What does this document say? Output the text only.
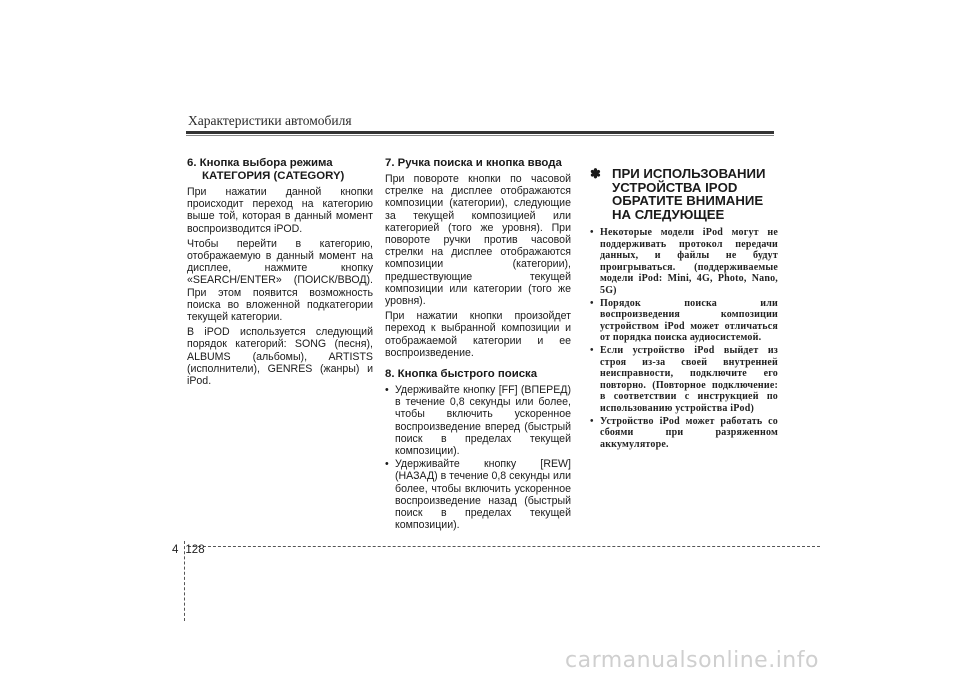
Характеристики автомобиля
6. Кнопка выбора режима КАТЕГОРИЯ (CATEGORY)

При нажатии данной кнопки происходит переход на категорию выше той, которая в данный момент воспроизводится iPOD.

Чтобы перейти в категорию, отображаемую в данный момент на дисплее, нажмите кнопку «SEARCH/ENTER» (ПОИСК/ВВОД). При этом появится возможность поиска во вложенной подкатегории текущей категории.

В iPOD используется следующий порядок категорий: SONG (песня), ALBUMS (альбомы), ARTISTS (исполнители), GENRES (жанры) и iPod.

7. Ручка поиска и кнопка ввода

При повороте кнопки по часовой стрелке на дисплее отображаются композиции (категории), следующие за текущей композицией или категорией (того же уровня). При повороте ручки против часовой стрелки на дисплее отображаются композиции (категории), предшествующие текущей композиции или категории (того же уровня).

При нажатии кнопки произойдет переход к выбранной композиции и отображаемой категории и ее воспроизведение.

8. Кнопка быстрого поиска
• Удерживайте кнопку [FF] (ВПЕРЕД) в течение 0,8 секунды или более, чтобы включить ускоренное воспроизведение вперед (быстрый поиск в пределах текущей композиции).
• Удерживайте кнопку [REW] (НАЗАД) в течение 0,8 секунды или более, чтобы включить ускоренное воспроизведение назад (быстрый поиск в пределах текущей композиции).
✽ ПРИ ИСПОЛЬЗОВАНИИ УСТРОЙСТВА IPOD ОБРАТИТЕ ВНИМАНИЕ НА СЛЕДУЮЩЕЕ
• Некоторые модели iPod могут не поддерживать протокол передачи данных, и файлы не будут проигрываться. (поддерживаемые модели iPod: Mini, 4G, Photo, Nano, 5G)
• Порядок поиска или воспроизведения композиции устройством iPod может отличаться от порядка поиска аудиосистемой.
• Если устройство iPod выйдет из строя из-за своей внутренней неисправности, подключите его повторно. (Повторное подключение: в соответствии с инструкцией по использованию устройства iPod)
• Устройство iPod может работать со сбоями при разряженном аккумуляторе.
4 128
carmanualsonline.info
